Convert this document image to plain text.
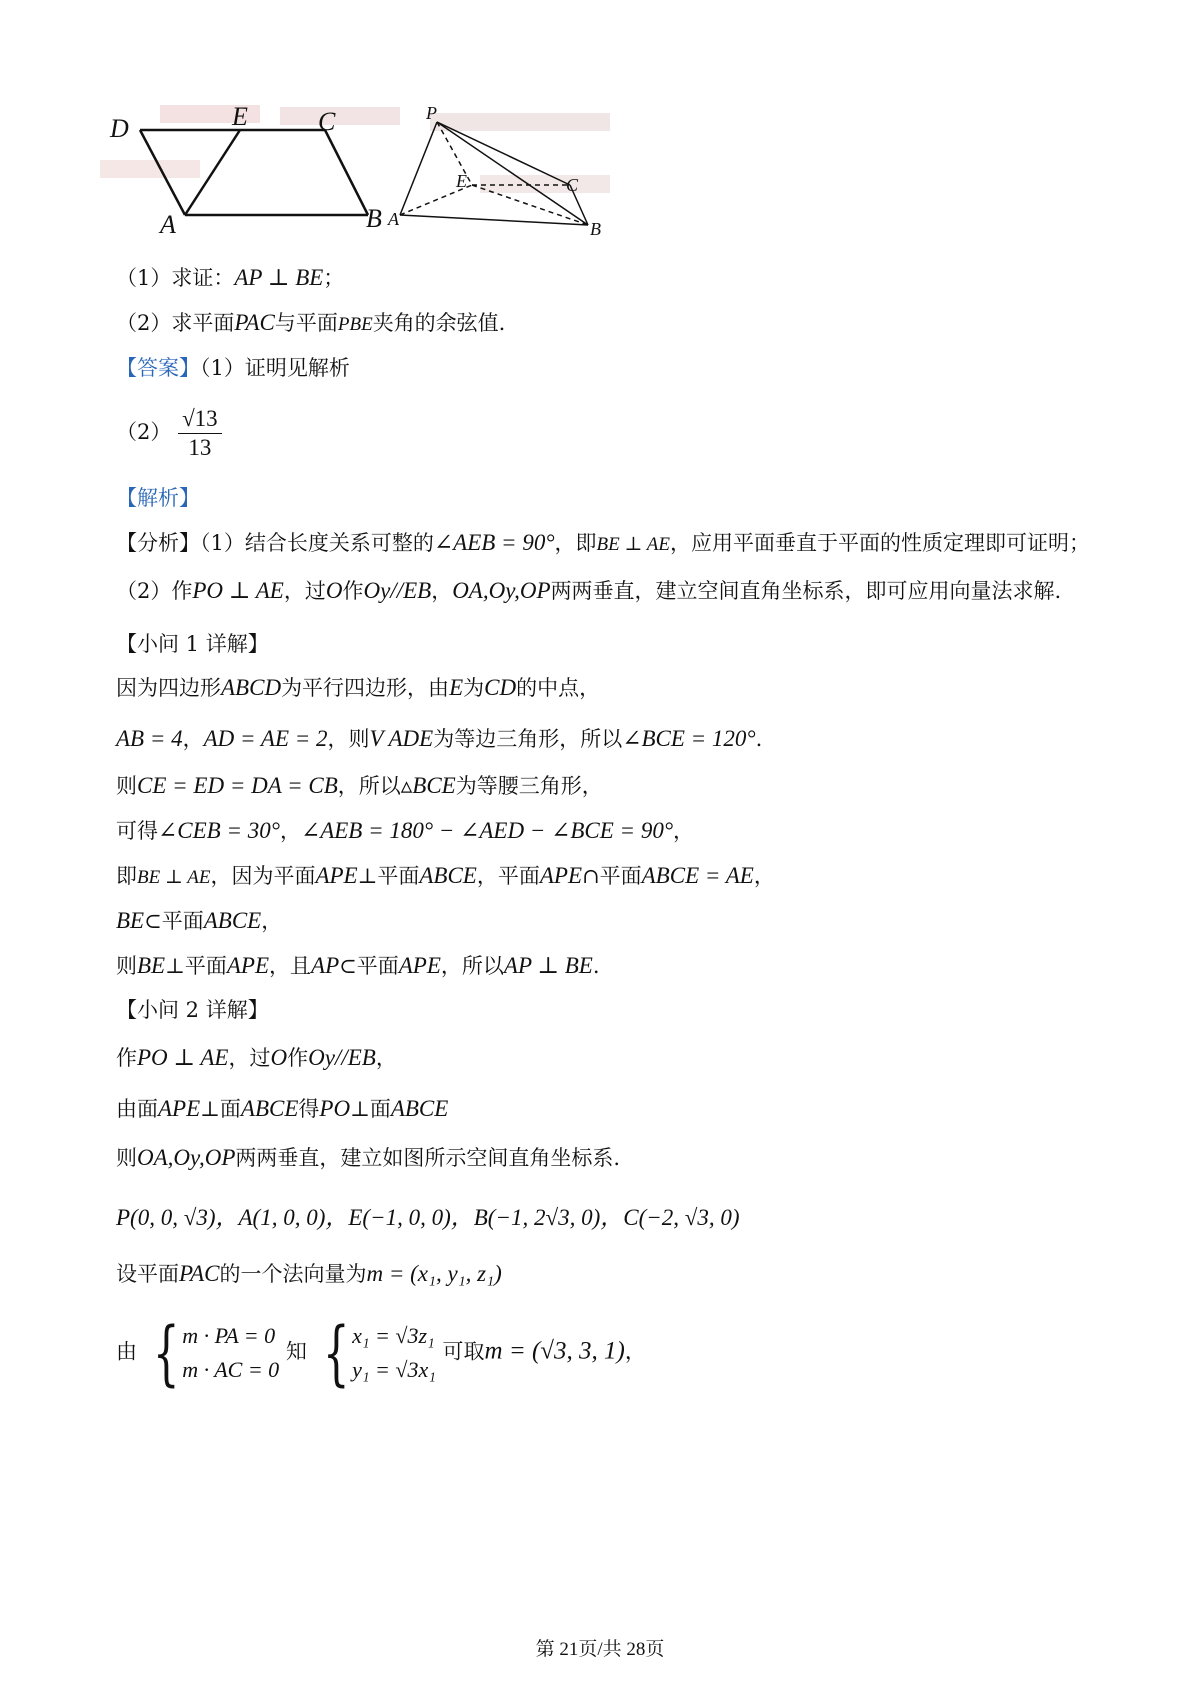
D	E	C
A	B
P
E	C
A	B
（1）求证：AP ⊥ BE；
（2）求平面PAC与平面PBE夹角的余弦值.
【答案】（1）证明见解析
$(2) \frac{√13}{13}$
【解析】
【分析】（1）结合长度关系可整的∠AEB = 90°，即BE ⊥ AE，应用平面垂直于平面的性质定理即可证明；
（2）作PO ⊥ AE，过O作Oy//EB，OA,Oy,OP两两垂直，建立空间直角坐标系，即可应用向量法求解.
【小问 1 详解】
因为四边形ABCD为平行四边形，由E为CD的中点，
AB = 4，AD = AE = 2，则V ADE为等边三角形，所以∠BCE = 120°.
则CE = ED = DA = CB，所以▵BCE为等腰三角形，
可得∠CEB = 30°，∠AEB = 180° − ∠AED − ∠BCE = 90°，
即BE ⊥ AE，因为平面APE⊥平面ABCE，平面APE∩平面ABCE = AE，
BE⊂平面ABCE，
则BE⊥平面APE，且AP⊂平面APE，所以AP ⊥ BE.
【小问 2 详解】
作PO ⊥ AE，过O作Oy//EB，
由面APE⊥面ABCE得PO⊥面ABCE
则OA,Oy,OP两两垂直，建立如图所示空间直角坐标系.
P(0, 0, √3)，A(1, 0, 0)，E(−1, 0, 0)，B(−1, 2√3, 0)，C(−2, √3, 0)
设平面PAC的一个法向量为m = (x₁, y₁, z₁)
由 { m · PA = 0
m · AC = 0
知 { x₁ = √3z₁
y₁ = √3x₁
可取m = (√3, 3, 1)，
第 21页/共 28页
